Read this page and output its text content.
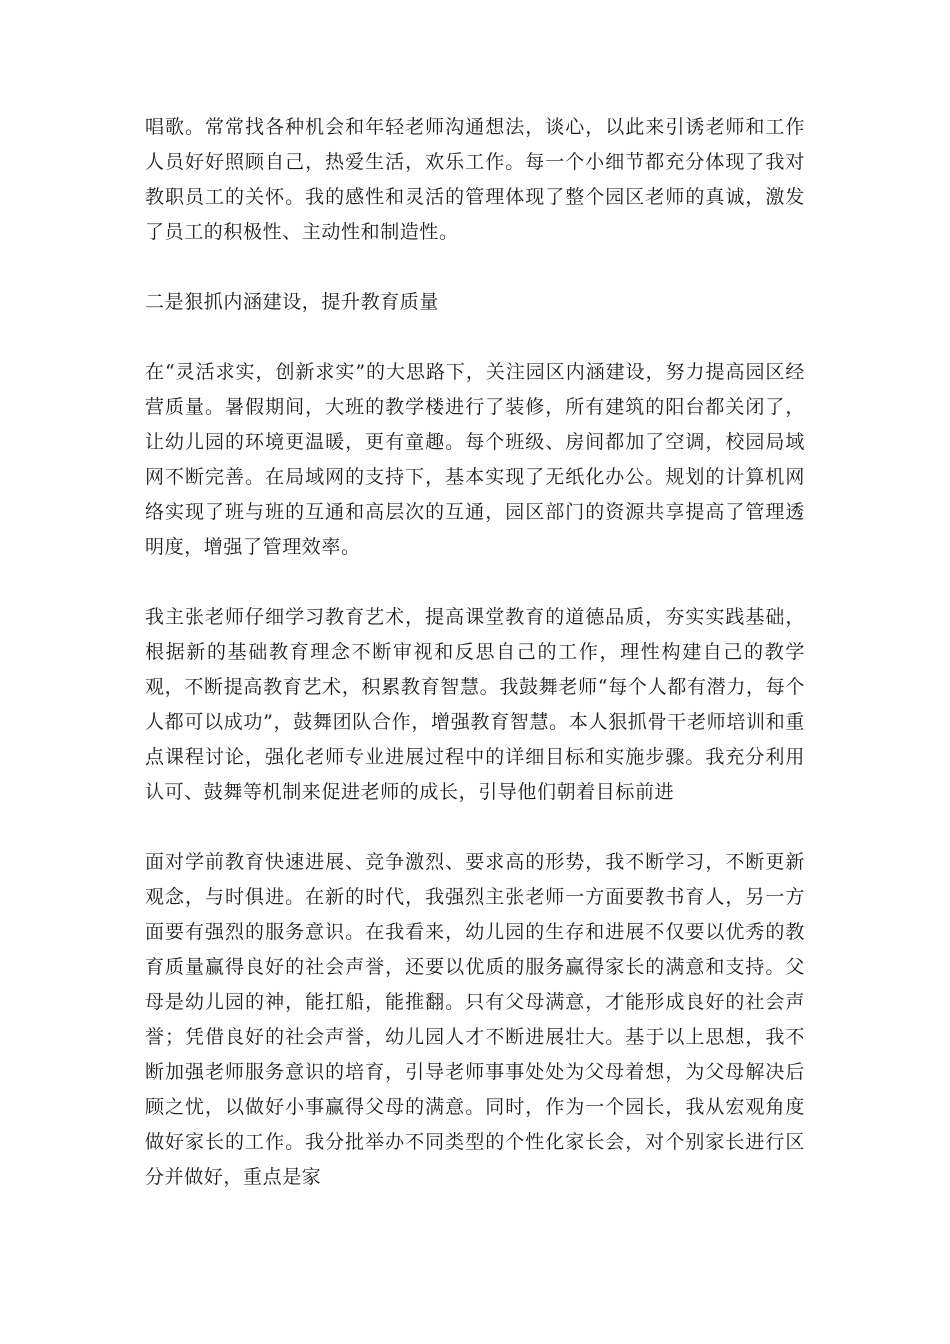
唱歌。常常找各种机会和年轻老师沟通想法，谈心，以此来引诱老师和工作人员好好照顾自己，热爱生活，欢乐工作。每一个小细节都充分体现了我对教职员工的关怀。我的感性和灵活的管理体现了整个园区老师的真诚，激发了员工的积极性、主动性和制造性。

二是狠抓内涵建设，提升教育质量

在“灵活求实，创新求实”的大思路下，关注园区内涵建设，努力提高园区经营质量。暑假期间，大班的教学楼进行了装修，所有建筑的阳台都关闭了，让幼儿园的环境更温暖，更有童趣。每个班级、房间都加了空调，校园局域网不断完善。在局域网的支持下，基本实现了无纸化办公。规划的计算机网络实现了班与班的互通和高层次的互通，园区部门的资源共享提高了管理透明度，增强了管理效率。

我主张老师仔细学习教育艺术，提高课堂教育的道德品质，夯实实践基础，根据新的基础教育理念不断审视和反思自己的工作，理性构建自己的教学观，不断提高教育艺术，积累教育智慧。我鼓舞老师“每个人都有潜力，每个人都可以成功”，鼓舞团队合作，增强教育智慧。本人狠抓骨干老师培训和重点课程讨论，强化老师专业进展过程中的详细目标和实施步骤。我充分利用认可、鼓舞等机制来促进老师的成长，引导他们朝着目标前进

面对学前教育快速进展、竞争激烈、要求高的形势，我不断学习，不断更新观念，与时俱进。在新的时代，我强烈主张老师一方面要教书育人，另一方面要有强烈的服务意识。在我看来，幼儿园的生存和进展不仅要以优秀的教育质量赢得良好的社会声誉，还要以优质的服务赢得家长的满意和支持。父母是幼儿园的神，能扛船，能推翻。只有父母满意，才能形成良好的社会声誉；凭借良好的社会声誉，幼儿园人才不断进展壮大。基于以上思想，我不断加强老师服务意识的培育，引导老师事事处处为父母着想，为父母解决后顾之忧，以做好小事赢得父母的满意。同时，作为一个园长，我从宏观角度做好家长的工作。我分批举办不同类型的个性化家长会，对个别家长进行区分并做好，重点是家
